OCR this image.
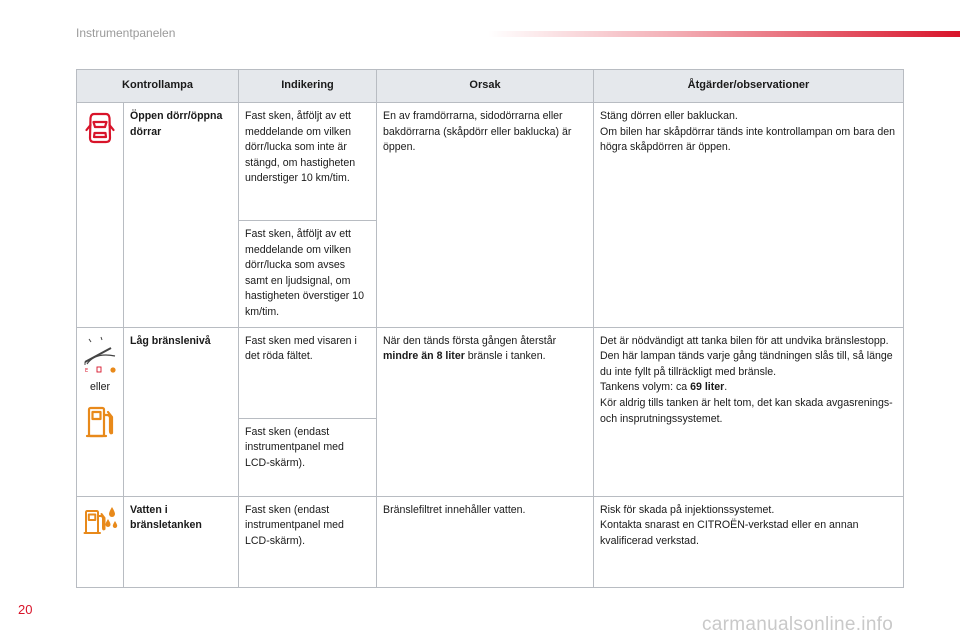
Instrumentpanelen
Kontrollampa		Indikering	Orsak	Åtgärder/observationer
	Öppen dörr/öppna dörrar	Fast sken, åtföljt av ett meddelande om vilken dörr/lucka som inte är stängd, om hastigheten understiger 10 km/tim.	En av framdörrarna, sidodörrarna eller bakdörrarna (skåpdörr eller baklucka) är öppen.	Stäng dörren eller bakluckan.
Om bilen har skåpdörrar tänds inte kontrollampan om bara den högra skåpdörren är öppen.

		Fast sken, åtföljt av ett meddelande om vilken dörr/lucka som avses samt en ljudsignal, om hastigheten överstiger 10 km/tim.		

E
eller	Låg bränslenivå	Fast sken med visaren i det röda fältet.	När den tänds första gången återstår mindre än 8 liter bränsle i tanken.	Det är nödvändigt att tanka bilen för att undvika bränslestopp.
Den här lampan tänds varje gång tändningen slås till, så länge du inte fyllt på tillräckligt med bränsle.
Tankens volym: ca 69 liter.
Kör aldrig tills tanken är helt tom, det kan skada avgasrenings- och insprutningssystemet.

		Fast sken (endast instrumentpanel med LCD-skärm).		
	Vatten i bränsletanken	Fast sken (endast instrumentpanel med LCD-skärm).	Bränslefiltret innehåller vatten.	Risk för skada på injektionssystemet.
Kontakta snarast en CITROËN-verkstad eller en annan kvalificerad verkstad.
20
carmanualsonline.info
